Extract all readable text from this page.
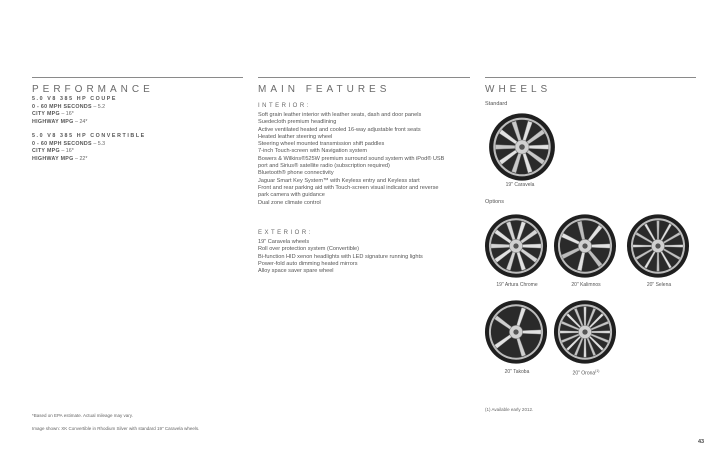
PERFORMANCE	MAIN FEATURES	WHEELS
5.0 V8 385 HP COUPE
0 - 60 MPH SECONDS – 5.2
CITY MPG – 16*
HIGHWAY MPG – 24*
5.0 V8 385 HP CONVERTIBLE
0 - 60 MPH SECONDS – 5.3
CITY MPG – 16*
HIGHWAY MPG – 22*
INTERIOR:
Soft grain leather interior with leather seats, dash and door panels
Suedecloth premium headlining
Active ventilated heated and cooled 16-way adjustable front seats
Heated leather steering wheel
Steering wheel mounted transmission shift paddles
7-inch Touch-screen with Navigation system
Bowers & Wilkins®525W premium surround sound system with iPod® USB
port and Sirius® satellite radio (subscription required)
Bluetooth® phone connectivity
Jaguar Smart Key System™ with Keyless entry and Keyless start
Front and rear parking aid with Touch-screen visual indicator and reverse
park camera with guidance
Dual zone climate control
EXTERIOR:
19" Caravela wheels
Roll over protection system (Convertible)
Bi-function HID xenon headlights with LED signature running lights
Power-fold auto dimming heated mirrors
Alloy space saver spare wheel
Standard
19" Caravela
Options
19" Artura Chrome	20" Kalimnos	20" Selena
20" Takoba	20" Orona$^{(1)}$
(1) Available early 2012.
*Based on EPA estimate. Actual mileage may vary.
Image shown: XK Convertible in Rhodium Silver with standard 19" Caravela wheels.
43
